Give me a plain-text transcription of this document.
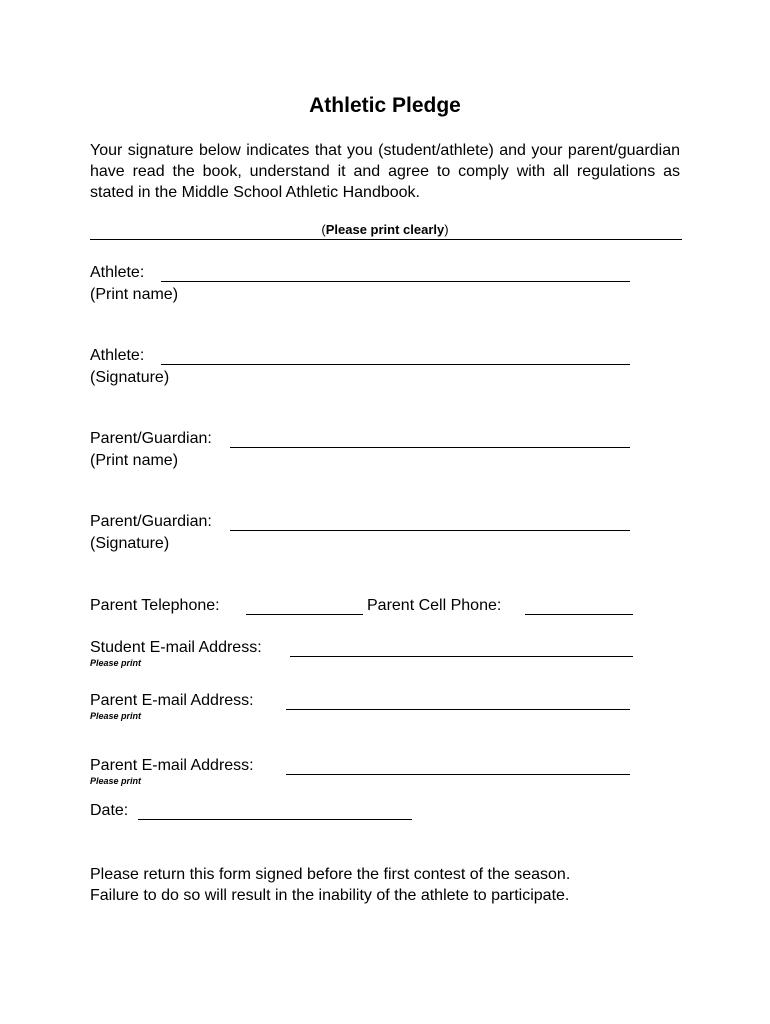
Athletic Pledge
Your signature below indicates that you (student/athlete) and your parent/guardian have read the book, understand it and agree to comply with all regulations as stated in the Middle School Athletic Handbook.
(Please print clearly)
Athlete:
(Print name)
Athlete:
(Signature)
Parent/Guardian:
(Print name)
Parent/Guardian:
(Signature)
Parent Telephone:	Parent Cell Phone:
Student E-mail Address:
Please print
Parent E-mail Address:
Please print
Parent E-mail Address:
Please print
Date:
Please return this form signed before the first contest of the season.
Failure to do so will result in the inability of the athlete to participate.
